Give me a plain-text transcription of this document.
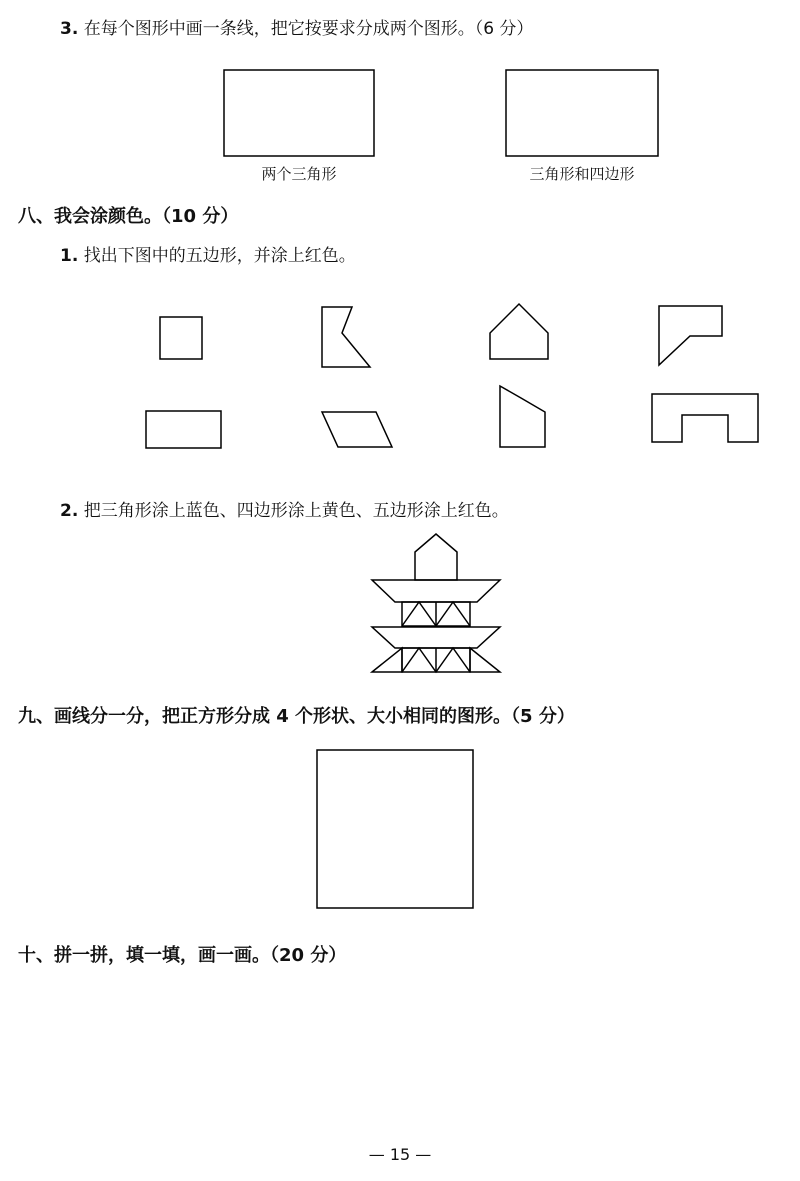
3. 在每个图形中画一条线，把它按要求分成两个图形。（6 分）
八、我会涂颜色。（10 分）
1. 找出下图中的五边形，并涂上红色。
2. 把三角形涂上蓝色、四边形涂上黄色、五边形涂上红色。
九、画线分一分，把正方形分成 4 个形状、大小相同的图形。（5 分）
十、拼一拼，填一填，画一画。（20 分）
两个三角形	三角形和四边形
— 15 —
